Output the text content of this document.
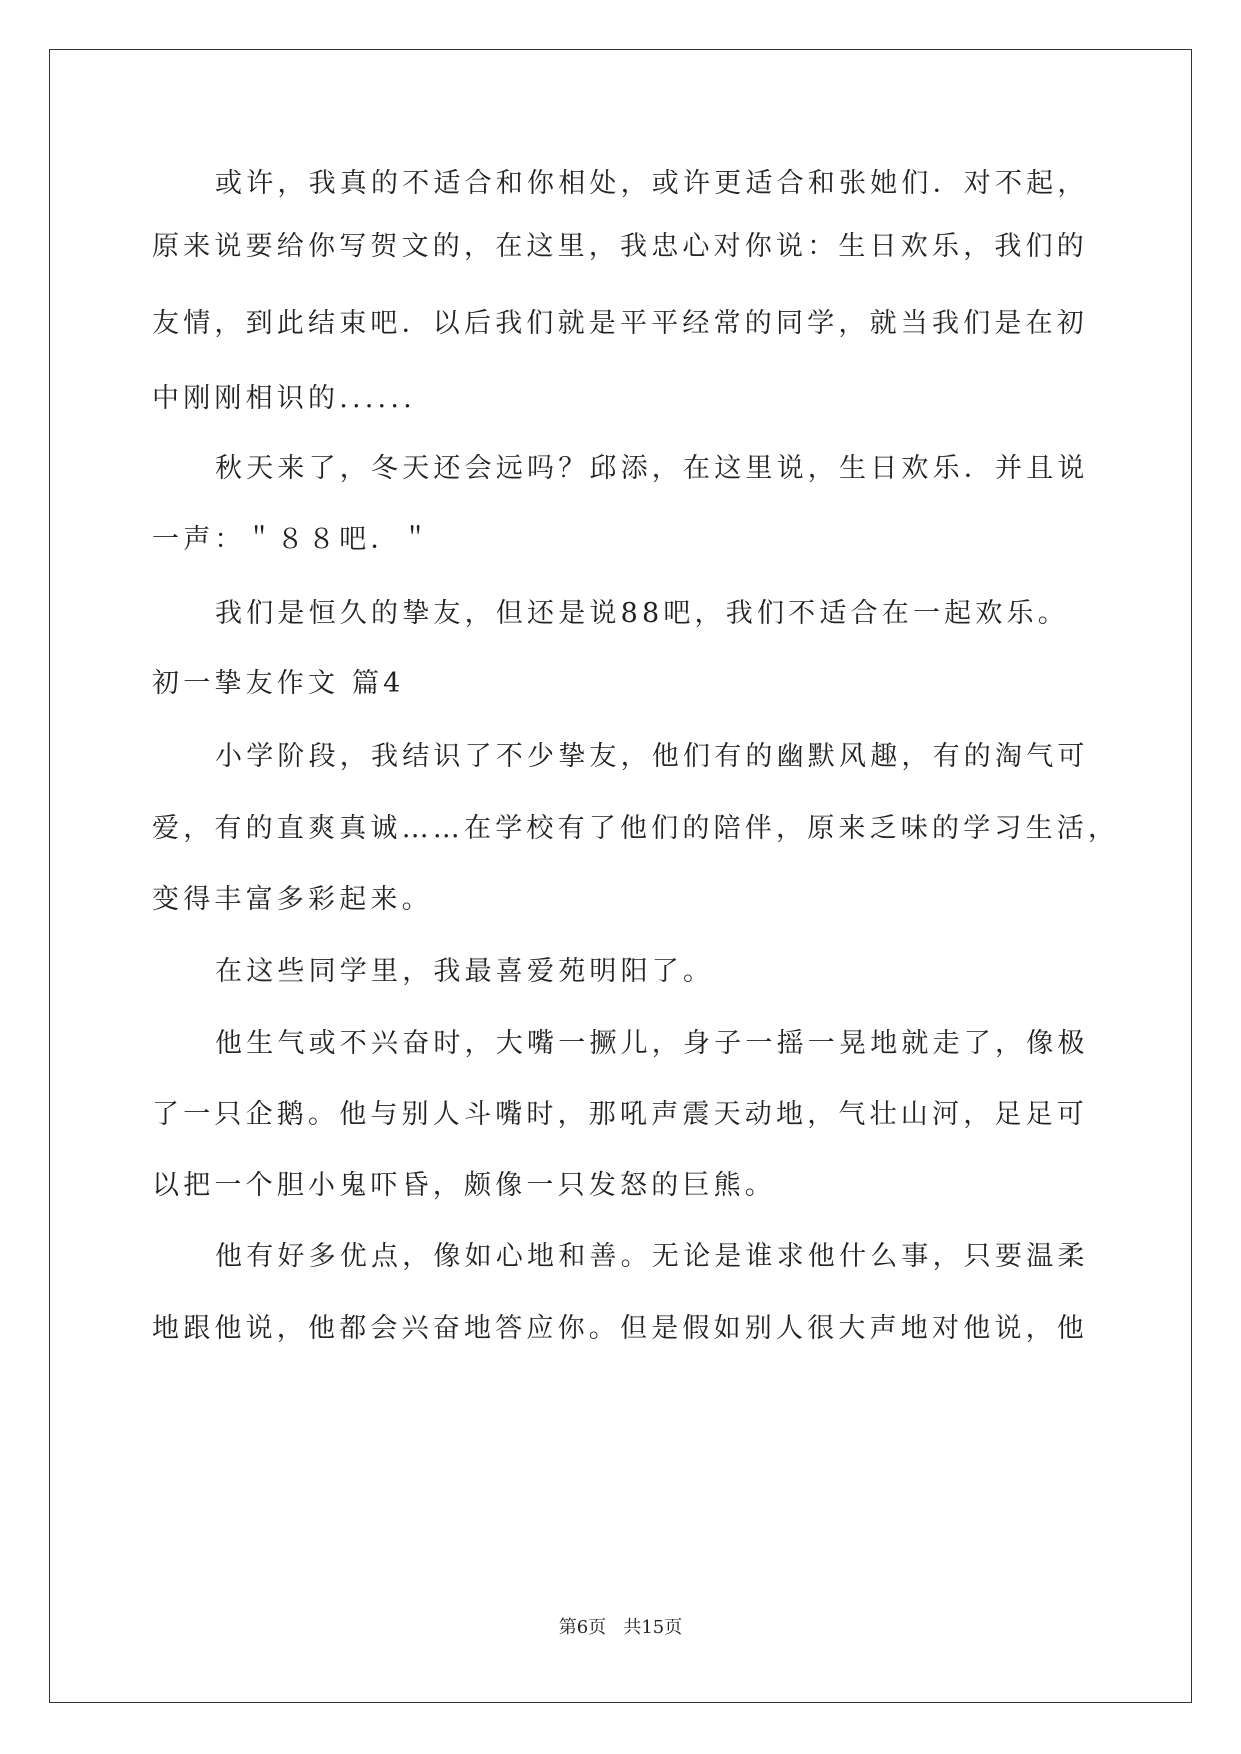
或许，我真的不适合和你相处，或许更适合和张她们．对不起，
原来说要给你写贺文的，在这里，我忠心对你说：生日欢乐，我们的
友情，到此结束吧．以后我们就是平平经常的同学，就当我们是在初
中刚刚相识的......
秋天来了，冬天还会远吗？邱添，在这里说，生日欢乐．并且说
一声：＂８８吧．＂
我们是恒久的挚友，但还是说88吧，我们不适合在一起欢乐。
初一挚友作文 篇4
小学阶段，我结识了不少挚友，他们有的幽默风趣，有的淘气可
爱，有的直爽真诚……在学校有了他们的陪伴，原来乏味的学习生活，
变得丰富多彩起来。
在这些同学里，我最喜爱苑明阳了。
他生气或不兴奋时，大嘴一撅儿，身子一摇一晃地就走了，像极
了一只企鹅。他与别人斗嘴时，那吼声震天动地，气壮山河，足足可
以把一个胆小鬼吓昏，颇像一只发怒的巨熊。
他有好多优点，像如心地和善。无论是谁求他什么事，只要温柔
地跟他说，他都会兴奋地答应你。但是假如别人很大声地对他说，他
第6页 共15页
